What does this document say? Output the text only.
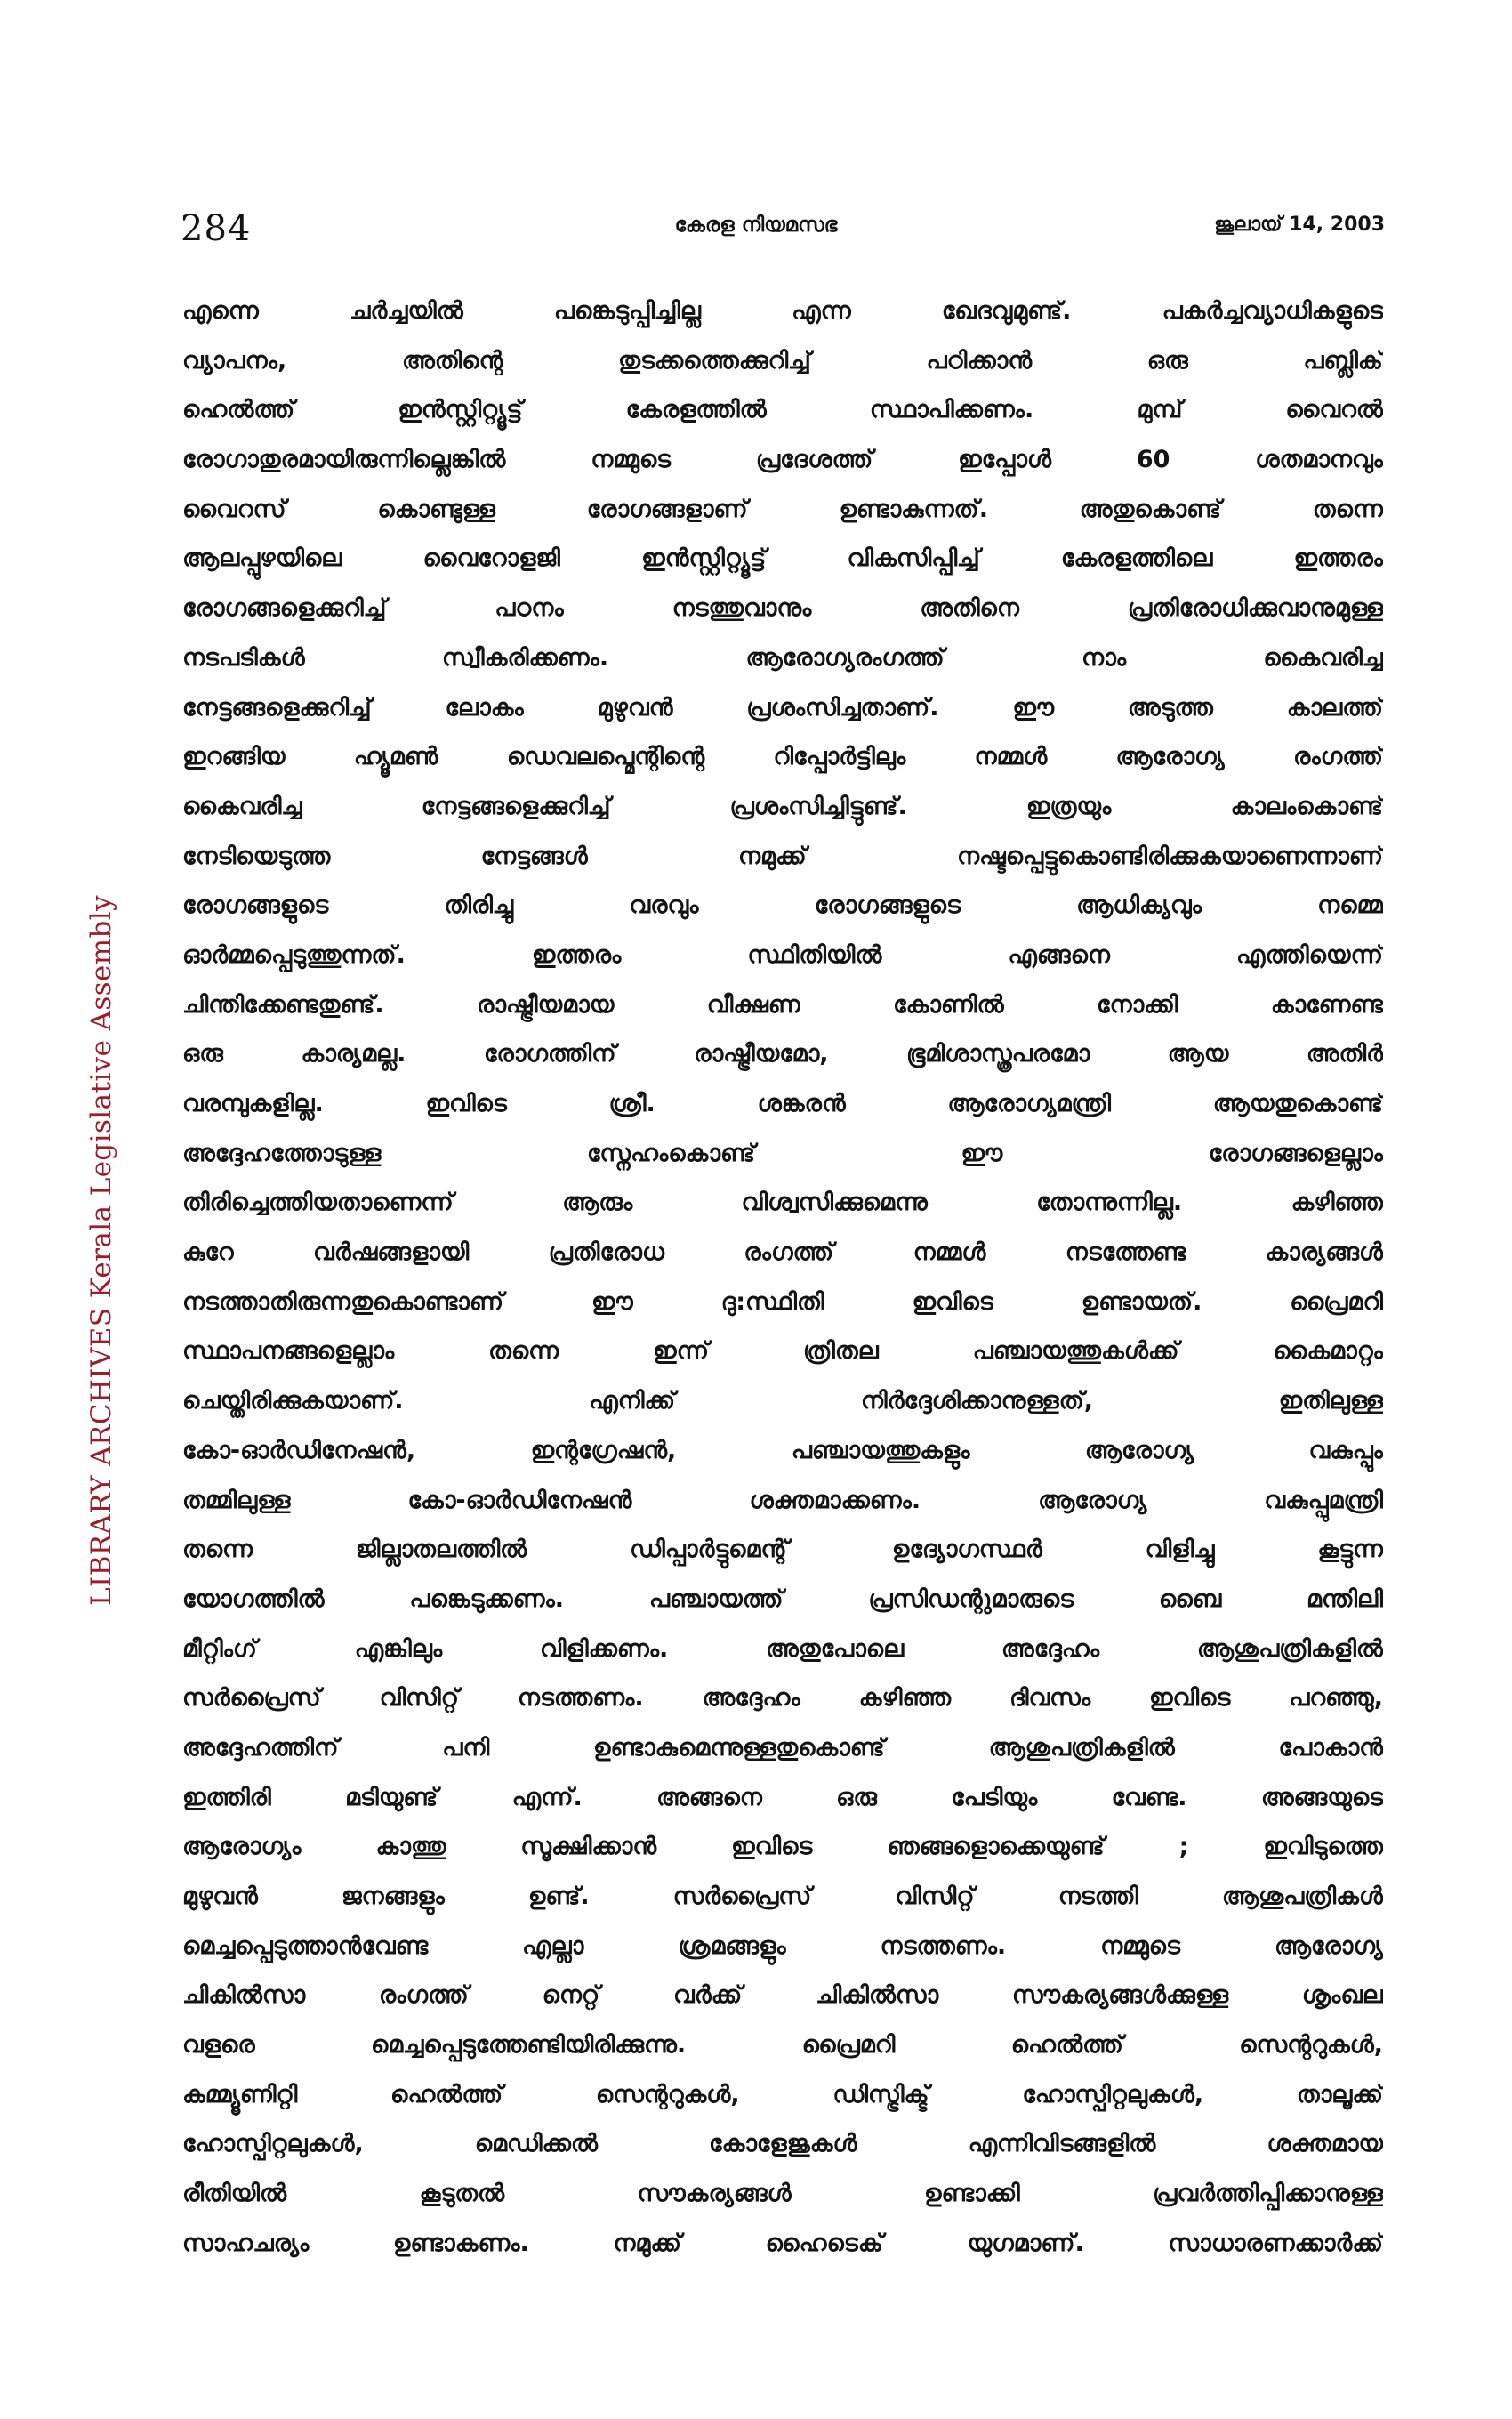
284	കേരള നിയമസഭ	ജൂലായ് 14, 2003
LIBRARY ARCHIVES Kerala Legislative Assembly
എന്നെ ചർച്ചയിൽ പങ്കെടുപ്പിച്ചില്ല എന്ന ഖേദവുമുണ്ട്. പകർച്ചവ്യാധികളുടെ
വ്യാപനം, അതിന്റെ തുടക്കത്തെക്കുറിച്ച് പഠിക്കാൻ ഒരു പബ്ലിക്
ഹെൽത്ത് ഇൻസ്റ്റിറ്റ്യൂട്ട് കേരളത്തിൽ സ്ഥാപിക്കണം. മുമ്പ് വൈറൽ
രോഗാതുരമായിരുന്നില്ലെങ്കിൽ നമ്മുടെ പ്രദേശത്ത് ഇപ്പോൾ 60 ശതമാനവും
വൈറസ് കൊണ്ടുള്ള രോഗങ്ങളാണ് ഉണ്ടാകുന്നത്. അതുകൊണ്ട് തന്നെ
ആലപ്പുഴയിലെ വൈറോളജി ഇൻസ്റ്റിറ്റ്യൂട്ട് വികസിപ്പിച്ച് കേരളത്തിലെ ഇത്തരം
രോഗങ്ങളെക്കുറിച്ച് പഠനം നടത്തുവാനും അതിനെ പ്രതിരോധിക്കുവാനുമുള്ള
നടപടികൾ സ്വീകരിക്കണം. ആരോഗ്യരംഗത്ത് നാം കൈവരിച്ച
നേട്ടങ്ങളെക്കുറിച്ച് ലോകം മുഴുവൻ പ്രശംസിച്ചതാണ്. ഈ അടുത്ത കാലത്ത്
ഇറങ്ങിയ ഹ്യൂമൺ ഡെവലപ്മെന്റിന്റെ റിപ്പോർട്ടിലും നമ്മൾ ആരോഗ്യ രംഗത്ത്
കൈവരിച്ച നേട്ടങ്ങളെക്കുറിച്ച് പ്രശംസിച്ചിട്ടുണ്ട്. ഇത്രയും കാലംകൊണ്ട്
നേടിയെടുത്ത നേട്ടങ്ങൾ നമുക്ക് നഷ്ടപ്പെട്ടുകൊണ്ടിരിക്കുകയാണെന്നാണ്
രോഗങ്ങളുടെ തിരിച്ചു വരവും രോഗങ്ങളുടെ ആധിക്യവും നമ്മെ
ഓർമ്മപ്പെടുത്തുന്നത്. ഇത്തരം സ്ഥിതിയിൽ എങ്ങനെ എത്തിയെന്ന്
ചിന്തിക്കേണ്ടതുണ്ട്. രാഷ്ട്രീയമായ വീക്ഷണ കോണിൽ നോക്കി കാണേണ്ട
ഒരു കാര്യമല്ല. രോഗത്തിന് രാഷ്ട്രീയമോ, ഭൂമിശാസ്ത്രപരമോ ആയ അതിർ
വരമ്പുകളില്ല. ഇവിടെ ശ്രീ. ശങ്കരൻ ആരോഗ്യമന്ത്രി ആയതുകൊണ്ട്
അദ്ദേഹത്തോടുള്ള സ്നേഹംകൊണ്ട് ഈ രോഗങ്ങളെല്ലാം
തിരിച്ചെത്തിയതാണെന്ന് ആരും വിശ്വസിക്കുമെന്നു തോന്നുന്നില്ല. കഴിഞ്ഞ
കുറേ വർഷങ്ങളായി പ്രതിരോധ രംഗത്ത് നമ്മൾ നടത്തേണ്ട കാര്യങ്ങൾ
നടത്താതിരുന്നതുകൊണ്ടാണ് ഈ ദു:സ്ഥിതി ഇവിടെ ഉണ്ടായത്. പ്രൈമറി
സ്ഥാപനങ്ങളെല്ലാം തന്നെ ഇന്ന് ത്രിതല പഞ്ചായത്തുകൾക്ക് കൈമാറ്റം
ചെയ്തിരിക്കുകയാണ്. എനിക്ക് നിർദ്ദേശിക്കാനുള്ളത്, ഇതിലുള്ള
കോ-ഓർഡിനേഷൻ, ഇന്റഗ്രേഷൻ, പഞ്ചായത്തുകളും ആരോഗ്യ വകുപ്പും
തമ്മിലുള്ള കോ-ഓർഡിനേഷൻ ശക്തമാക്കണം. ആരോഗ്യ വകുപ്പുമന്ത്രി
തന്നെ ജില്ലാതലത്തിൽ ഡിപ്പാർട്ടുമെന്റ് ഉദ്യോഗസ്ഥർ വിളിച്ചു കൂട്ടുന്ന
യോഗത്തിൽ പങ്കെടുക്കണം. പഞ്ചായത്ത് പ്രസിഡന്റുമാരുടെ ബൈ മന്തിലി
മീറ്റിംഗ് എങ്കിലും വിളിക്കണം. അതുപോലെ അദ്ദേഹം ആശുപത്രികളിൽ
സർപ്രൈസ് വിസിറ്റ് നടത്തണം. അദ്ദേഹം കഴിഞ്ഞ ദിവസം ഇവിടെ പറഞ്ഞു,
അദ്ദേഹത്തിന് പനി ഉണ്ടാകുമെന്നുള്ളതുകൊണ്ട് ആശുപത്രികളിൽ പോകാൻ
ഇത്തിരി മടിയുണ്ട് എന്ന്. അങ്ങനെ ഒരു പേടിയും വേണ്ട. അങ്ങയുടെ
ആരോഗ്യം കാത്തു സൂക്ഷിക്കാൻ ഇവിടെ ഞങ്ങളൊക്കെയുണ്ട് ; ഇവിടുത്തെ
മുഴുവൻ ജനങ്ങളും ഉണ്ട്. സർപ്രൈസ് വിസിറ്റ് നടത്തി ആശുപത്രികൾ
മെച്ചപ്പെടുത്താൻവേണ്ട എല്ലാ ശ്രമങ്ങളും നടത്തണം. നമ്മുടെ ആരോഗ്യ
ചികിൽസാ രംഗത്ത് നെറ്റ് വർക്ക് ചികിൽസാ സൗകര്യങ്ങൾക്കുള്ള ശൃംഖല
വളരെ മെച്ചപ്പെടുത്തേണ്ടിയിരിക്കുന്നു. പ്രൈമറി ഹെൽത്ത് സെന്ററുകൾ,
കമ്മ്യൂണിറ്റി ഹെൽത്ത് സെന്ററുകൾ, ഡിസ്ട്രിക്ട് ഹോസ്പിറ്റലുകൾ, താലൂക്ക്
ഹോസ്പിറ്റലുകൾ, മെഡിക്കൽ കോളേജുകൾ എന്നിവിടങ്ങളിൽ ശക്തമായ
രീതിയിൽ കൂടുതൽ സൗകര്യങ്ങൾ ഉണ്ടാക്കി പ്രവർത്തിപ്പിക്കാനുള്ള
സാഹചര്യം ഉണ്ടാകണം. നമുക്ക് ഹൈടെക് യുഗമാണ്. സാധാരണക്കാർക്ക്
